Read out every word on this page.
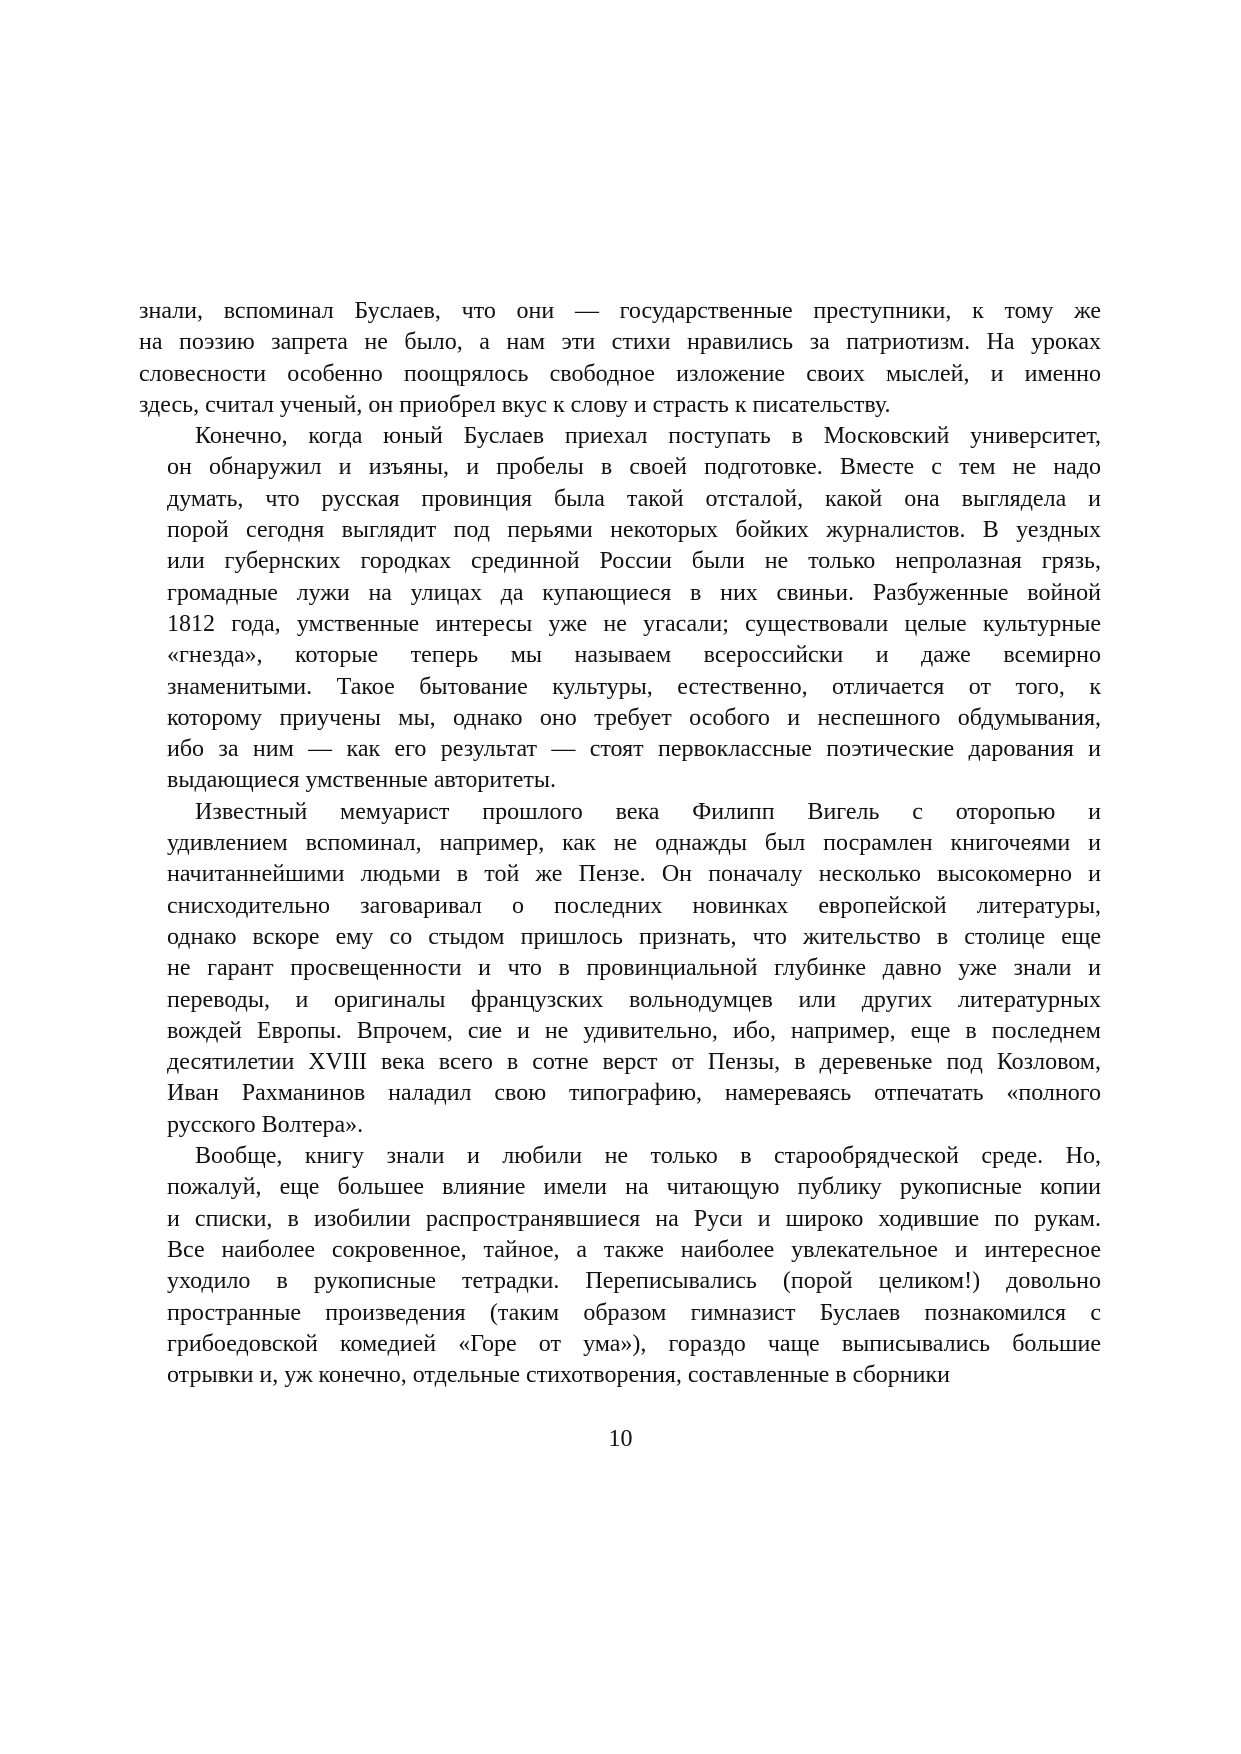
знали, вспоминал Буслаев, что они — государственные преступники, к тому же
на поэзию запрета не было, а нам эти стихи нравились за патриотизм. На уроках
словесности особенно поощрялось свободное изложение своих мыслей, и именно
здесь, считал ученый, он приобрел вкус к слову и страсть к писательству.
Конечно, когда юный Буслаев приехал поступать в Московский университет,
он обнаружил и изъяны, и пробелы в своей подготовке. Вместе с тем не надо
думать, что русская провинция была такой отсталой, какой она выглядела и
порой сегодня выглядит под перьями некоторых бойких журналистов. В уездных
или губернских городках срединной России были не только непролазная грязь,
громадные лужи на улицах да купающиеся в них свиньи. Разбуженные войной
1812 года, умственные интересы уже не угасали; существовали целые культурные
«гнезда», которые теперь мы называем всероссийски и даже всемирно
знаменитыми. Такое бытование культуры, естественно, отличается от того, к
которому приучены мы, однако оно требует особого и неспешного обдумывания,
ибо за ним — как его результат — стоят первоклассные поэтические дарования и
выдающиеся умственные авторитеты.
Известный мемуарист прошлого века Филипп Вигель с оторопью и
удивлением вспоминал, например, как не однажды был посрамлен книгочеями и
начитаннейшими людьми в той же Пензе. Он поначалу несколько высокомерно и
снисходительно заговаривал о последних новинках европейской литературы,
однако вскоре ему со стыдом пришлось признать, что жительство в столице еще
не гарант просвещенности и что в провинциальной глубинке давно уже знали и
переводы, и оригиналы французских вольнодумцев или других литературных
вождей Европы. Впрочем, сие и не удивительно, ибо, например, еще в последнем
десятилетии XVIII века всего в сотне верст от Пензы, в деревеньке под Козловом,
Иван Рахманинов наладил свою типографию, намереваясь отпечатать «полного
русского Волтера».
Вообще, книгу знали и любили не только в старообрядческой среде. Но,
пожалуй, еще большее влияние имели на читающую публику рукописные копии
и списки, в изобилии распространявшиеся на Руси и широко ходившие по рукам.
Все наиболее сокровенное, тайное, а также наиболее увлекательное и интересное
уходило в рукописные тетрадки. Переписывались (порой целиком!) довольно
пространные произведения (таким образом гимназист Буслаев познакомился с
грибоедовской комедией «Горе от ума»), гораздо чаще выписывались большие
отрывки и, уж конечно, отдельные стихотворения, составленные в сборники
10
